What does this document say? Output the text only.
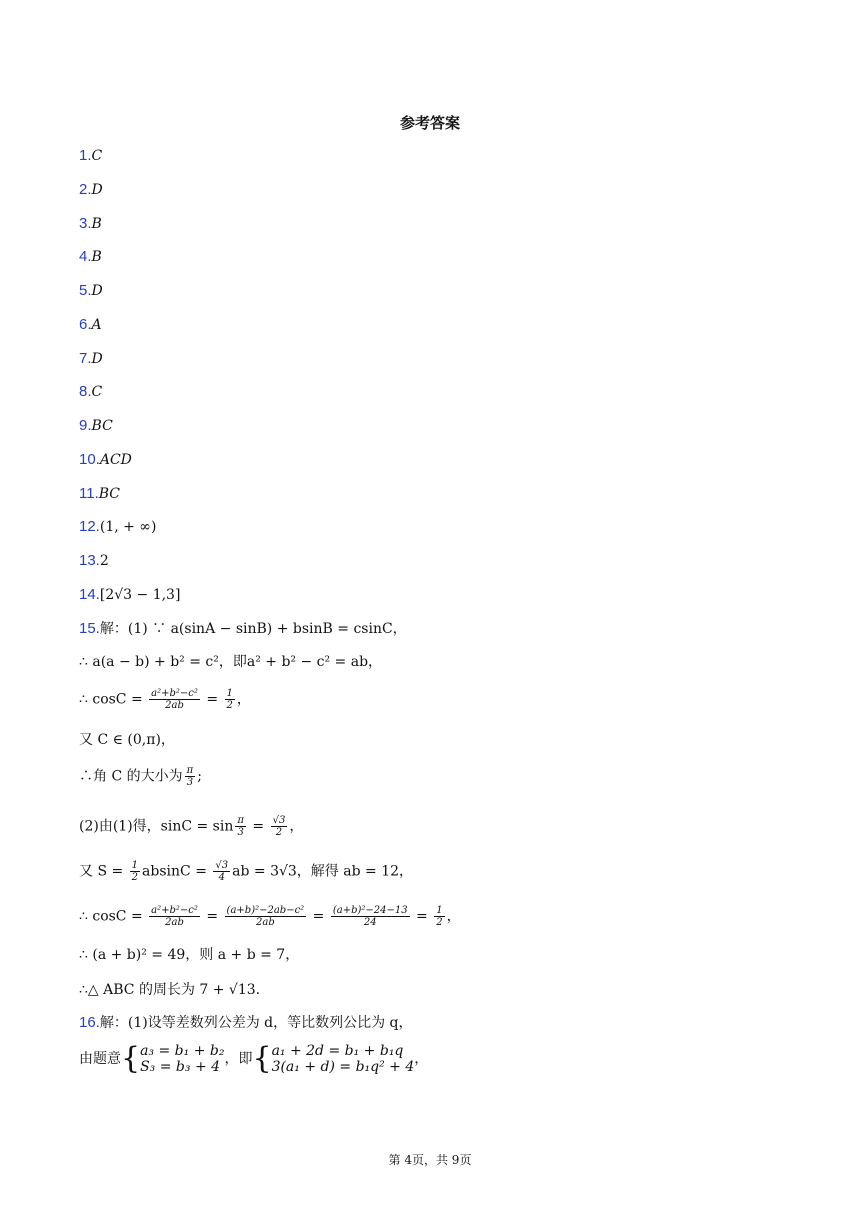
参考答案
1.C
2.D
3.B
4.B
5.D
6.A
7.D
8.C
9.BC
10.ACD
11.BC
12.(1, + ∞)
13.2
14.[2√3 − 1,3]
15.解：(1) ∵ a(sinA − sinB) + bsinB = csinC，
∴ a(a − b) + b² = c²，即a² + b² − c² = ab，
∴ $\cos C = \frac{\text{a²+b²−c²}}{2ab} = \frac{1}{2}$ ，
又 C ∈ (0,π)，
∴角 C 的大小为 $\frac{\pi}{3}$ ;
(2)由(1)得，$\sin C = \sin \frac{\pi}{3} = \frac{√3}{2}$ ，
又 $S = \frac{1}{2}$ $absinC = \frac{√3}{4}$ ab = 3√3，解得 ab = 12，
∴ $\cos C = \frac{\text{a²+b²−c²}}{2ab} = \frac{\text{(a+b)²−2ab−c²}}{2ab} = \frac{\text{(a+b)²−24−13}}{24} = \frac{1}{2}$ ，
∴ (a + b)² = 49，则 a + b = 7，
∴△ ABC 的周长为 7 + √13.
16.解：(1)设等差数列公差为 d，等比数列公比为 q，
由题意{ a₃ = b₁ + b₂
S₃ = b₃ + 4 ，即{ a₁ + 2d = b₁ + b₁q
3(a₁ + d) = b₁q² + 4 ，
第 4页，共 9页
